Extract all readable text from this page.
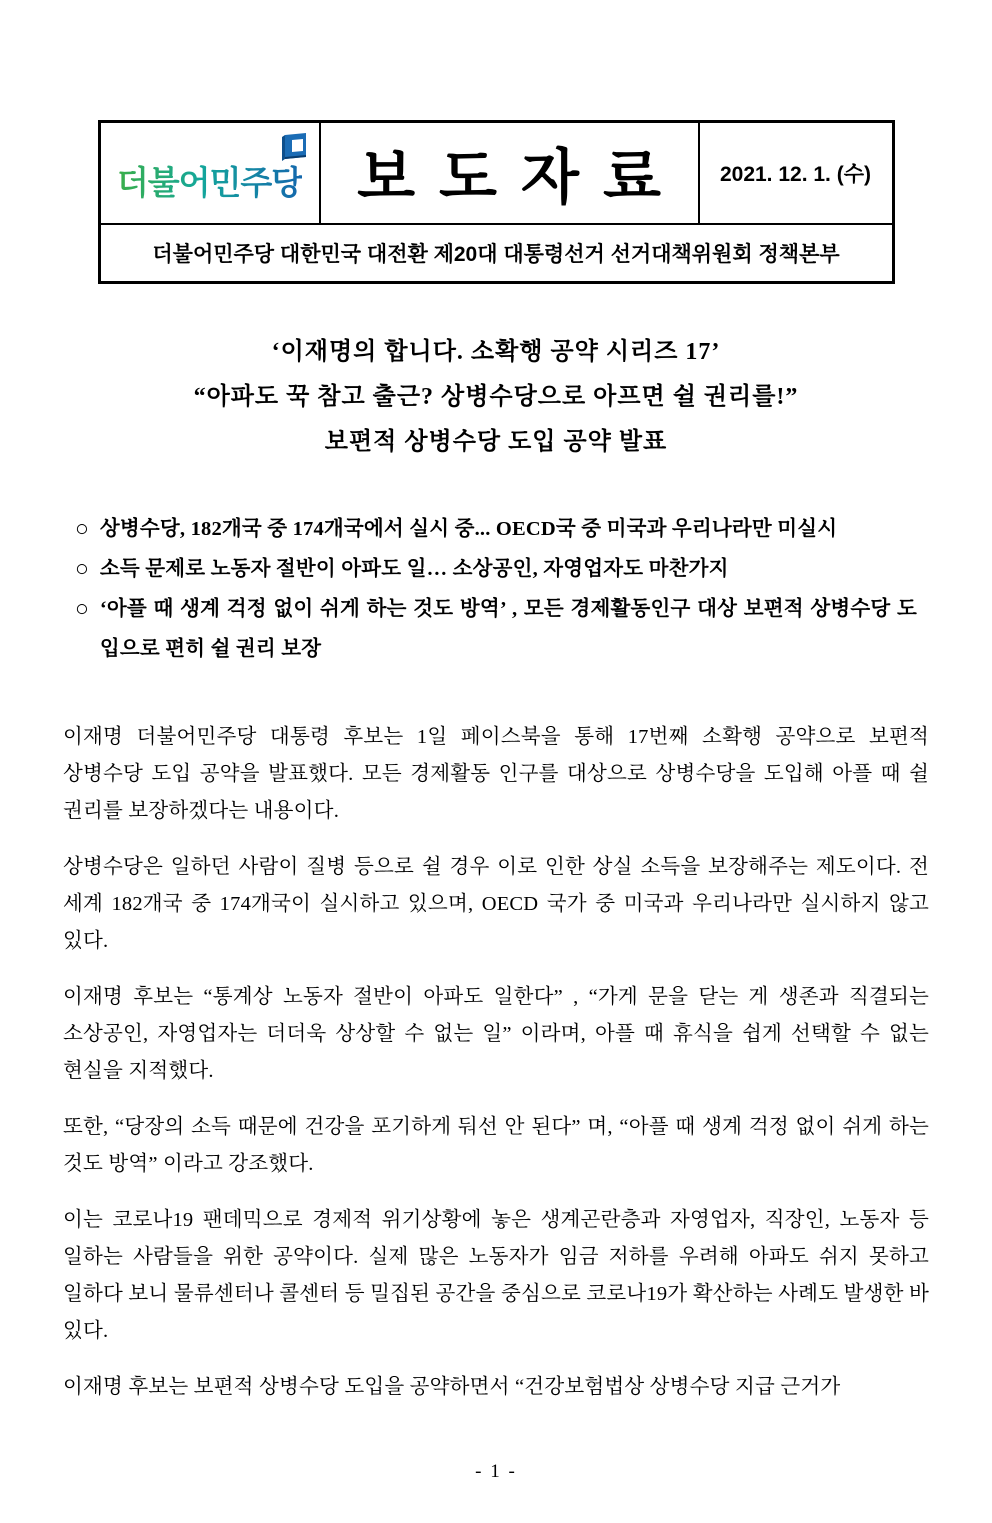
더불어민주당 보도자료 2021. 12. 1. (수)
더불어민주당 대한민국 대전환 제20대 대통령선거 선거대책위원회 정책본부
‘이재명의 합니다. 소확행 공약 시리즈 17’
“아파도 꾹 참고 출근? 상병수당으로 아프면 쉴 권리를!”
보편적 상병수당 도입 공약 발표
○ 상병수당, 182개국 중 174개국에서 실시 중... OECD국 중 미국과 우리나라만 미실시
○ 소득 문제로 노동자 절반이 아파도 일… 소상공인, 자영업자도 마찬가지
○ ‘아플 때 생계 걱정 없이 쉬게 하는 것도 방역’ , 모든 경제활동인구 대상 보편적 상병수당 도입으로 편히 쉴 권리 보장

이재명 더불어민주당 대통령 후보는 1일 페이스북을 통해 17번째 소확행 공약으로 보편적 상병수당 도입 공약을 발표했다. 모든 경제활동 인구를 대상으로 상병수당을 도입해 아플 때 쉴 권리를 보장하겠다는 내용이다.

상병수당은 일하던 사람이 질병 등으로 쉴 경우 이로 인한 상실 소득을 보장해주는 제도이다. 전 세계 182개국 중 174개국이 실시하고 있으며, OECD 국가 중 미국과 우리나라만 실시하지 않고 있다.

이재명 후보는 “통계상 노동자 절반이 아파도 일한다” , “가게 문을 닫는 게 생존과 직결되는 소상공인, 자영업자는 더더욱 상상할 수 없는 일” 이라며, 아플 때 휴식을 쉽게 선택할 수 없는 현실을 지적했다.

또한, “당장의 소득 때문에 건강을 포기하게 둬선 안 된다” 며, “아플 때 생계 걱정 없이 쉬게 하는 것도 방역” 이라고 강조했다.

이는 코로나19 팬데믹으로 경제적 위기상황에 놓은 생계곤란층과 자영업자, 직장인, 노동자 등 일하는 사람들을 위한 공약이다. 실제 많은 노동자가 임금 저하를 우려해 아파도 쉬지 못하고 일하다 보니 물류센터나 콜센터 등 밀집된 공간을 중심으로 코로나19가 확산하는 사례도 발생한 바 있다.

이재명 후보는 보편적 상병수당 도입을 공약하면서 “건강보험법상 상병수당 지급 근거가

- 1 -
